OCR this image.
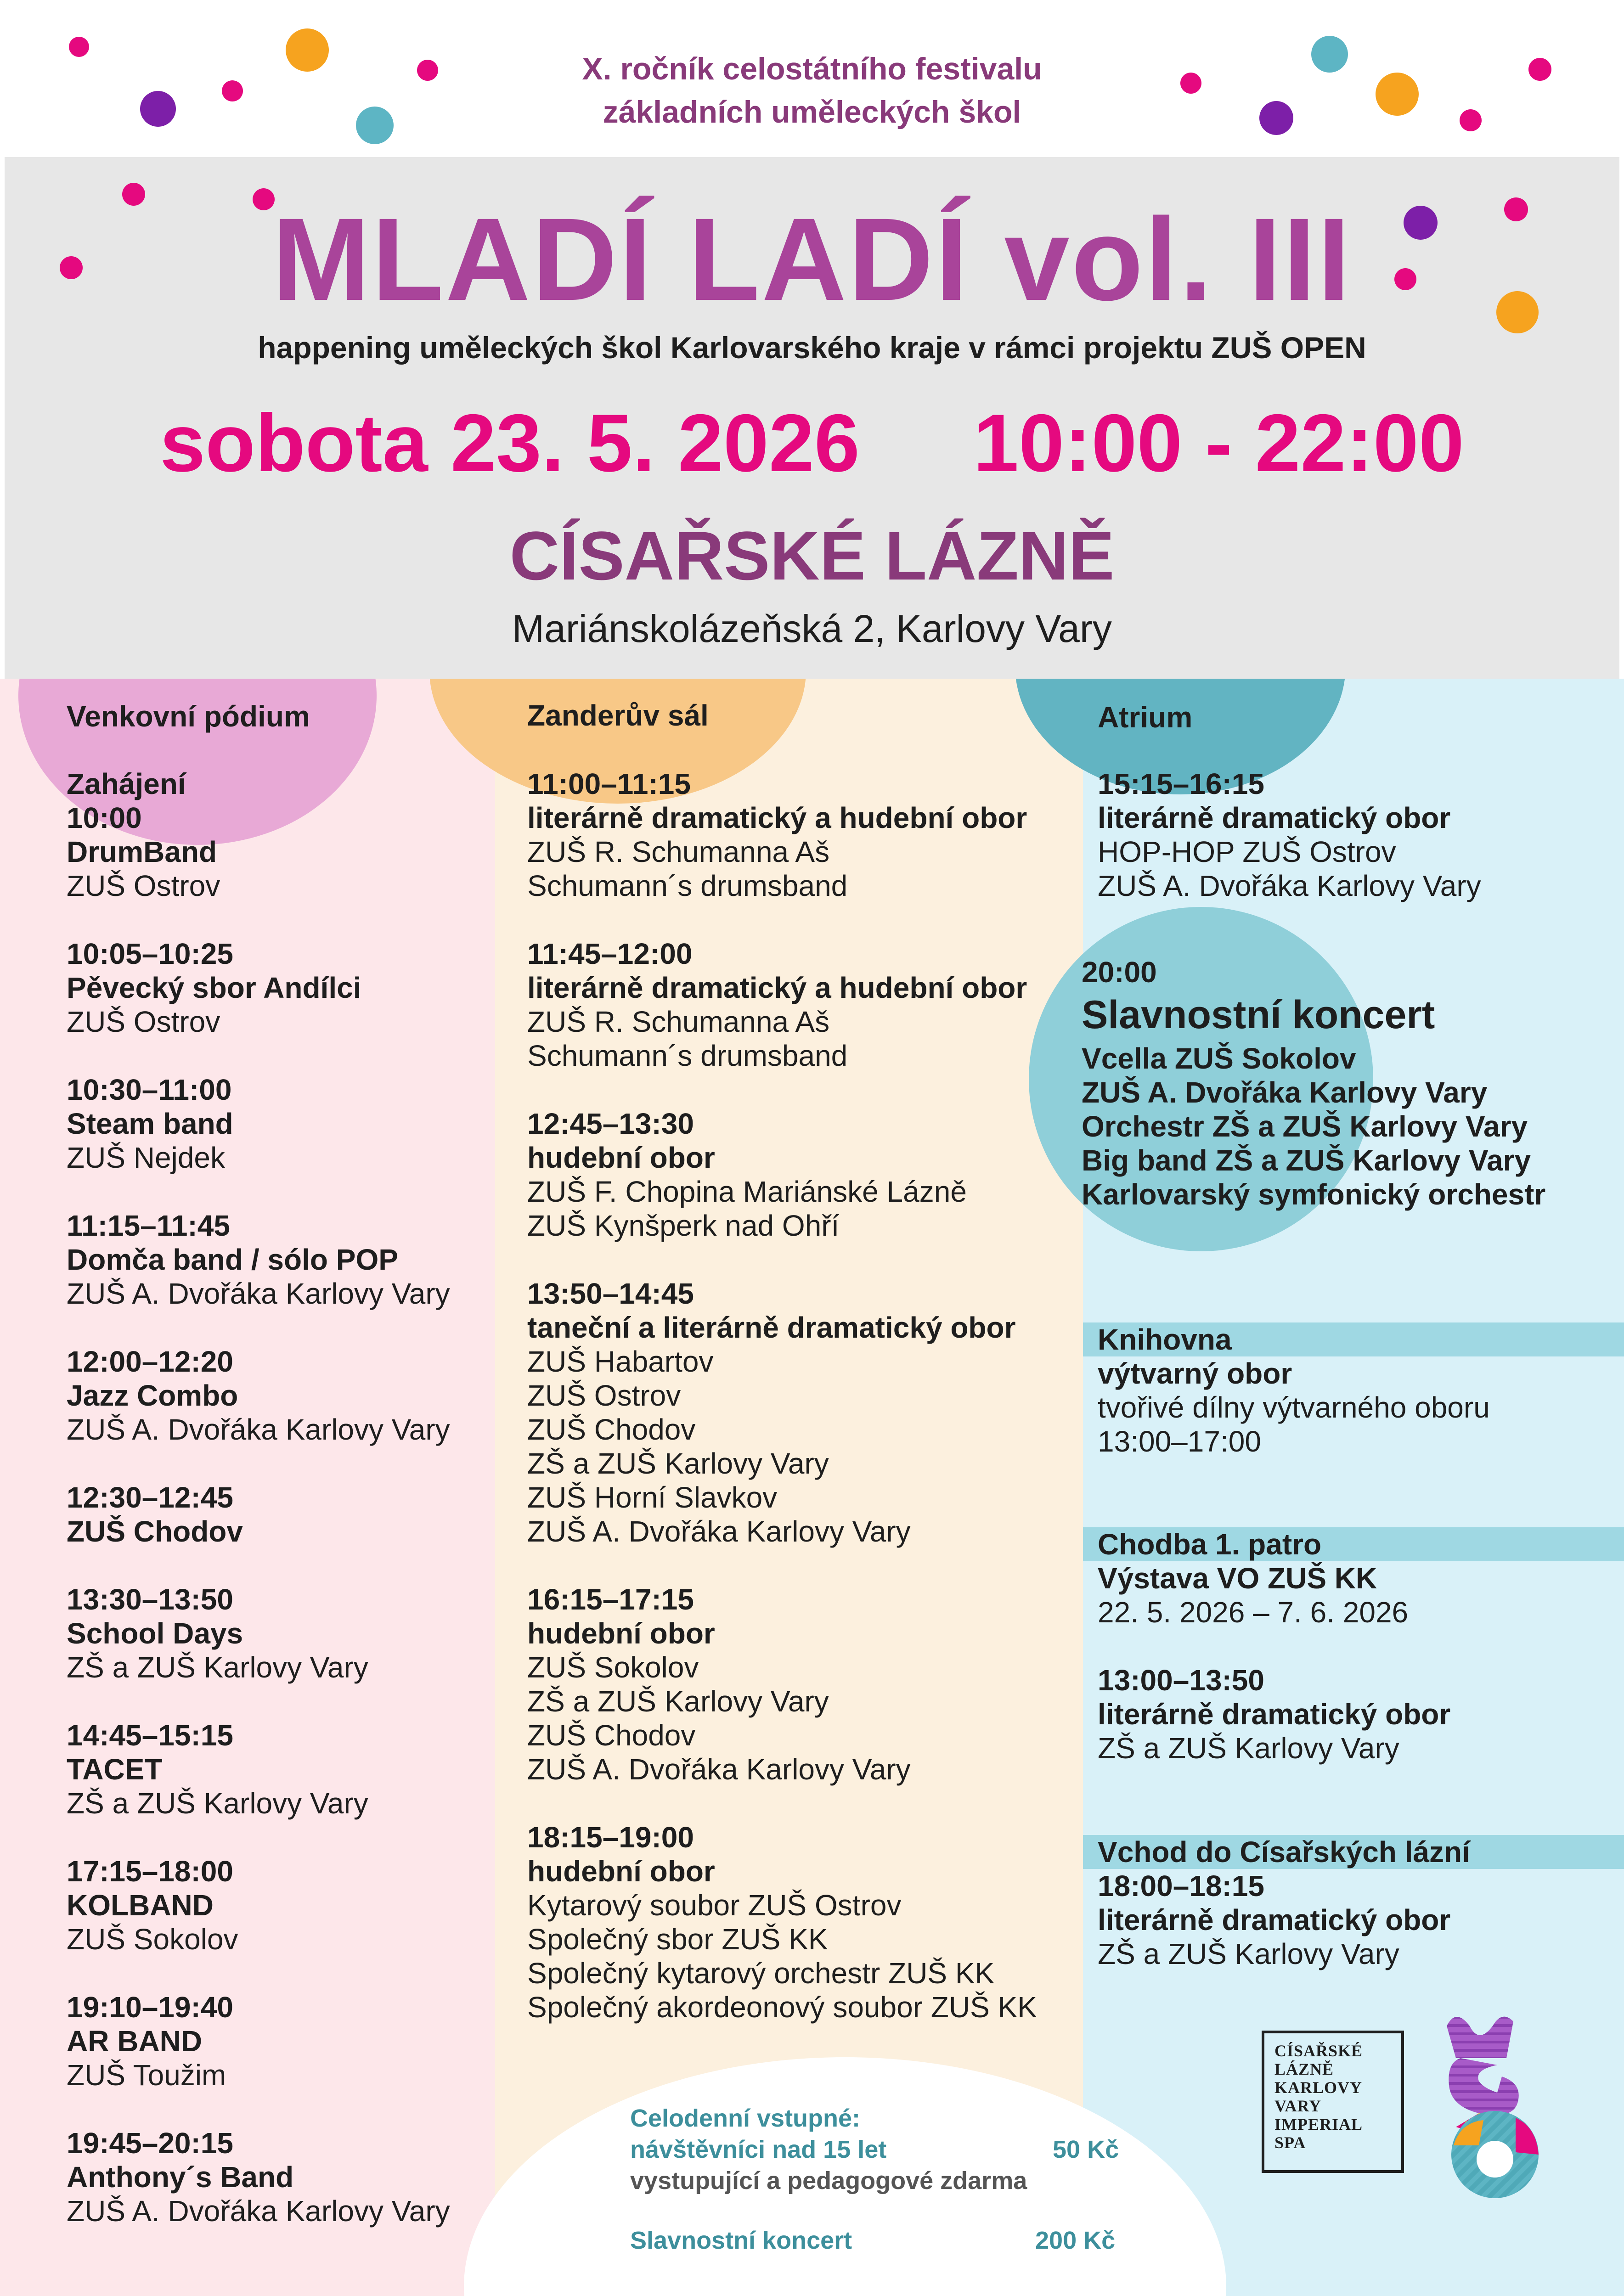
X. ročník celostátního festivalu
základních uměleckých škol
MLADÍ LADÍ vol. III
happening uměleckých škol Karlovarského kraje v rámci projektu ZUŠ OPEN
sobota 23. 5. 2026 10:00 - 22:00
CÍSAŘSKÉ LÁZNĚ
Mariánskolázeňská 2, Karlovy Vary
Venkovní pódium	Zanderův sál	Atrium
Zahájení
10:00
DrumBand
ZUŠ Ostrov
10:05–10:25
Pěvecký sbor Andílci
ZUŠ Ostrov
10:30–11:00
Steam band
ZUŠ Nejdek
11:15–11:45
Domča band / sólo POP
ZUŠ A. Dvořáka Karlovy Vary
12:00–12:20
Jazz Combo
ZUŠ A. Dvořáka Karlovy Vary
12:30–12:45
ZUŠ Chodov
13:30–13:50
School Days
ZŠ a ZUŠ Karlovy Vary
14:45–15:15
TACET
ZŠ a ZUŠ Karlovy Vary
17:15–18:00
KOLBAND
ZUŠ Sokolov
19:10–19:40
AR BAND
ZUŠ Toužim
19:45–20:15
Anthony´s Band
ZUŠ A. Dvořáka Karlovy Vary
11:00–11:15
literárně dramatický a hudební obor
ZUŠ R. Schumanna Aš
Schumann´s drumsband
11:45–12:00
literárně dramatický a hudební obor
ZUŠ R. Schumanna Aš
Schumann´s drumsband
12:45–13:30
hudební obor
ZUŠ F. Chopina Mariánské Lázně
ZUŠ Kynšperk nad Ohří
13:50–14:45
taneční a literárně dramatický obor
ZUŠ Habartov
ZUŠ Ostrov
ZUŠ Chodov
ZŠ a ZUŠ Karlovy Vary
ZUŠ Horní Slavkov
ZUŠ A. Dvořáka Karlovy Vary
16:15–17:15
hudební obor
ZUŠ Sokolov
ZŠ a ZUŠ Karlovy Vary
ZUŠ Chodov
ZUŠ A. Dvořáka Karlovy Vary
18:15–19:00
hudební obor
Kytarový soubor ZUŠ Ostrov
Společný sbor ZUŠ KK
Společný kytarový orchestr ZUŠ KK
Společný akordeonový soubor ZUŠ KK
15:15–16:15
literárně dramatický obor
HOP-HOP ZUŠ Ostrov
ZUŠ A. Dvořáka Karlovy Vary
20:00
Slavnostní koncert
Vcella ZUŠ Sokolov
ZUŠ A. Dvořáka Karlovy Vary
Orchestr ZŠ a ZUŠ Karlovy Vary
Big band ZŠ a ZUŠ Karlovy Vary
Karlovarský symfonický orchestr
Knihovna
výtvarný obor
tvořivé dílny výtvarného oboru
13:00–17:00
Chodba 1. patro
Výstava VO ZUŠ KK
22. 5. 2026 – 7. 6. 2026
13:00–13:50
literárně dramatický obor
ZŠ a ZUŠ Karlovy Vary
Vchod do Císařských lázní
18:00–18:15
literárně dramatický obor
ZŠ a ZUŠ Karlovy Vary
Celodenní vstupné:
návštěvníci nad 15 let	50 Kč
vystupující a pedagogové zdarma
Slavnostní koncert	200 Kč
CÍSAŘSKÉ
LÁZNĚ
KARLOVY
VARY
IMPERIAL
SPA
